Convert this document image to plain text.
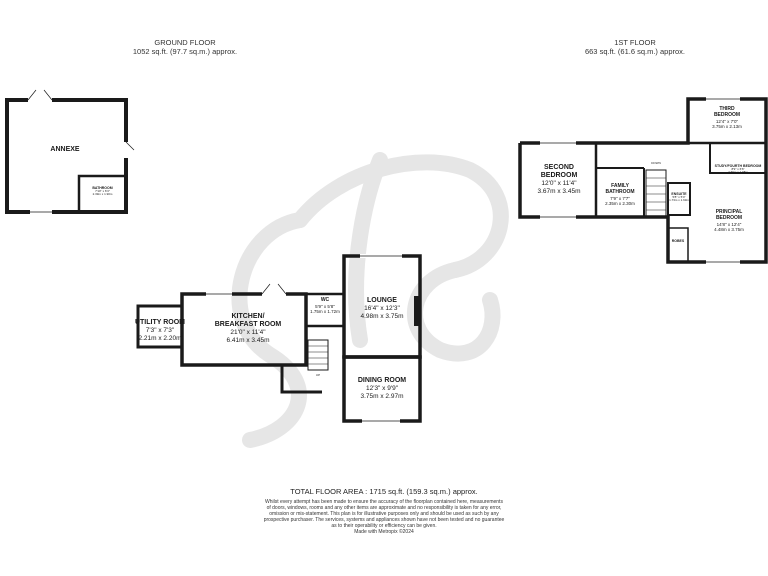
GROUND FLOOR
1052 sq.ft. (97.7 sq.m.) approx.
1ST FLOOR
663 sq.ft. (61.6 sq.m.) approx.
ANNEXE
BATHROOM
7'10" x 6'3"
2.39m x 1.90m
UTILITY ROOM
7'3" x 7'3"
2.21m x 2.20m
KITCHEN/
BREAKFAST ROOM
21'0" x 11'4"
6.41m x 3.45m
WC
5'9" x 5'8"
1.75m x 1.72m
LOUNGE
16'4" x 12'3"
4.98m x 3.75m
DINING ROOM
12'3" x 9'9"
3.75m x 2.97m
UP
SECOND
BEDROOM
12'0" x 11'4"
3.67m x 3.45m
FAMILY
BATHROOM
7'9" x 7'7"
2.35m x 2.30m
THIRD
BEDROOM
12'4" x 7'0"
3.75m x 2.13m
STUDY/FOURTH BEDROOM
8'9" x 6'6"
2.66m x 1.98m
PRINCIPAL
BEDROOM
14'8" x 12'4"
4.48m x 3.75m
ENSUITE
5'8" x 5'4"
1.73m x 1.63m
ROBES
DOWN
TOTAL FLOOR AREA : 1715 sq.ft. (159.3 sq.m.) approx.
Whilst every attempt has been made to ensure the accuracy of the floorplan contained here, measurements
of doors, windows, rooms and any other items are approximate and no responsibility is taken for any error,
omission or mis-statement. This plan is for illustrative purposes only and should be used as such by any
prospective purchaser. The services, systems and appliances shown have not been tested and no guarantee
as to their operability or efficiency can be given.
Made with Metropix ©2024
